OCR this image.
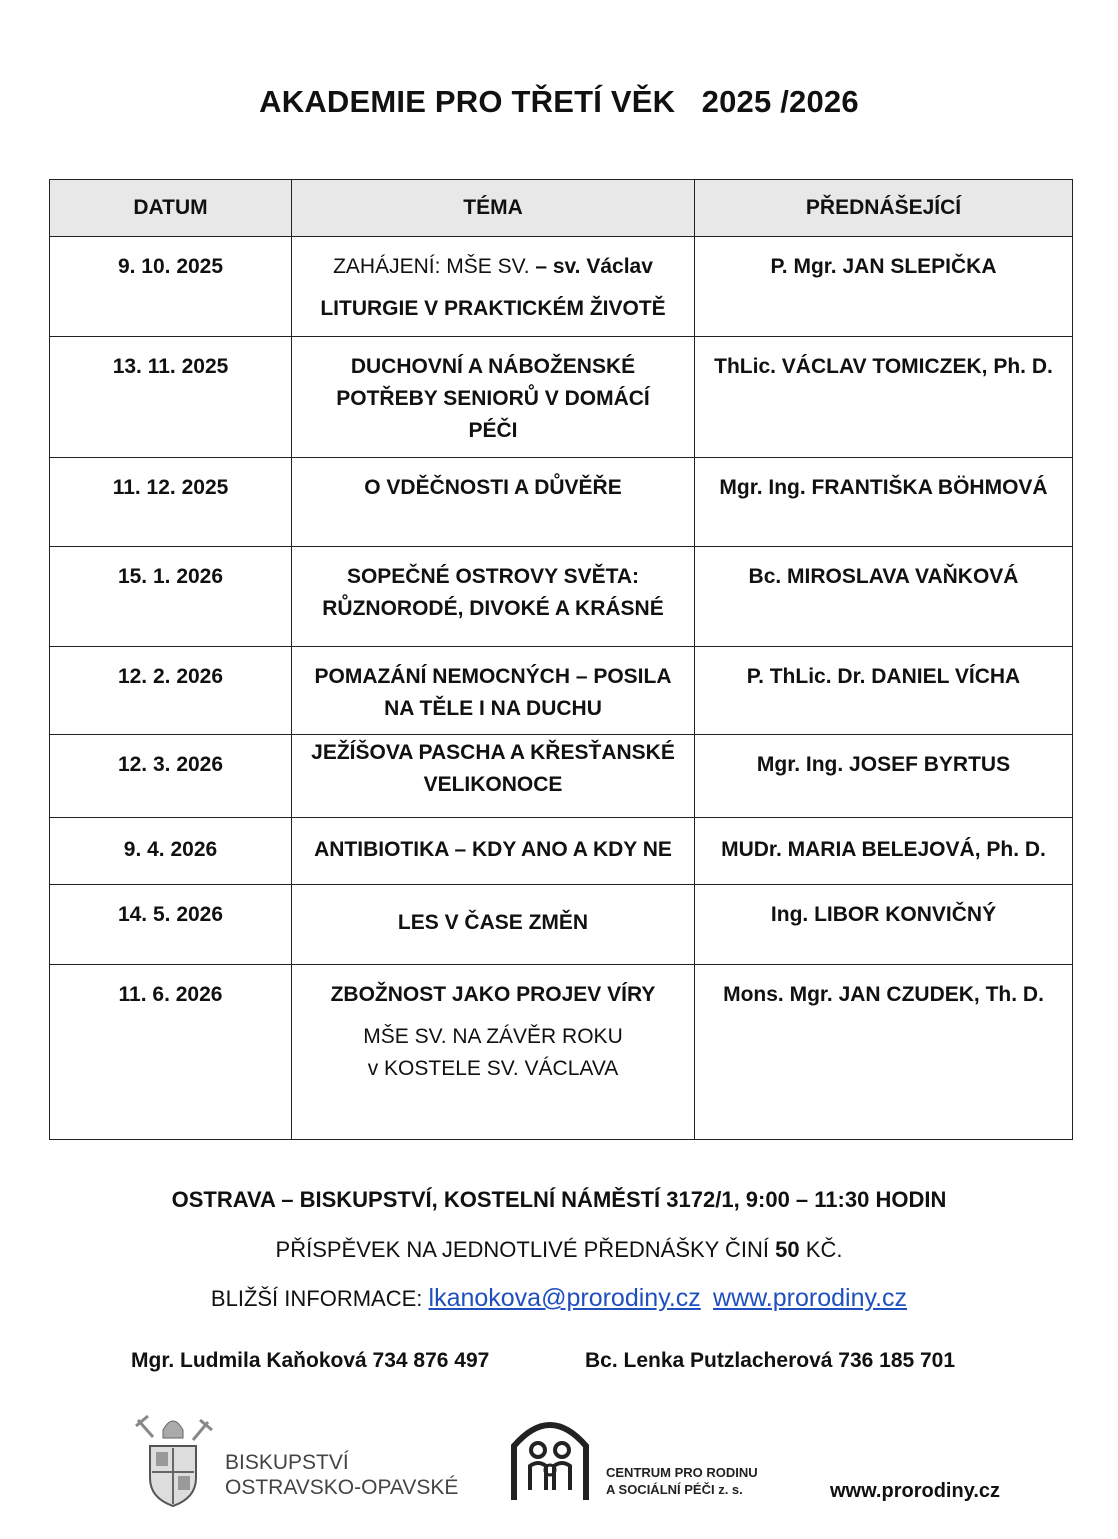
AKADEMIE PRO TŘETÍ VĚK   2025 /2026
DATUM	TÉMA	PŘEDNÁŠEJÍCÍ

9. 10. 2025	ZAHÁJENÍ: MŠE SV. – sv. Václav
LITURGIE V PRAKTICKÉM ŽIVOTĚ	P. Mgr. JAN SLEPIČKA

13. 11. 2025	DUCHOVNÍ A NÁBOŽENSKÉ
POTŘEBY SENIORŮ V DOMÁCÍ
PÉČI	ThLic. VÁCLAV TOMICZEK, Ph. D.

11. 12. 2025	O VDĚČNOSTI A DŮVĚŘE	Mgr. Ing. FRANTIŠKA BÖHMOVÁ

15. 1. 2026	SOPEČNÉ OSTROVY SVĚTA:
RŮZNORODÉ, DIVOKÉ A KRÁSNÉ	Bc. MIROSLAVA VAŇKOVÁ

12. 2. 2026	POMAZÁNÍ NEMOCNÝCH – POSILA
NA TĚLE I NA DUCHU	P. ThLic. Dr. DANIEL VÍCHA

12. 3. 2026	JEŽÍŠOVA PASCHA A KŘESŤANSKÉ
VELIKONOCE	Mgr. Ing. JOSEF BYRTUS

9. 4. 2026	ANTIBIOTIKA – KDY ANO A KDY NE	MUDr. MARIA BELEJOVÁ, Ph. D.

14. 5. 2026	LES V ČASE ZMĚN	Ing. LIBOR KONVIČNÝ

11. 6. 2026	ZBOŽNOST JAKO PROJEV VÍRY
MŠE SV. NA ZÁVĚR ROKU
v KOSTELE SV. VÁCLAVA	Mons. Mgr. JAN CZUDEK, Th. D.
OSTRAVA – BISKUPSTVÍ, KOSTELNÍ NÁMĚSTÍ 3172/1, 9:00 – 11:30 HODIN
PŘÍSPĚVEK NA JEDNOTLIVÉ PŘEDNÁŠKY ČINÍ 50 KČ.
BLIŽŠÍ INFORMACE: lkanokova@prorodiny.cz www.prorodiny.cz
Mgr. Ludmila Kaňoková 734 876 497	Bc. Lenka Putzlacherová 736 185 701
BISKUPSTVÍ
OSTRAVSKO-OPAVSKÉ
CENTRUM PRO RODINU
A SOCIÁLNÍ PÉČI z. s.	www.prorodiny.cz
